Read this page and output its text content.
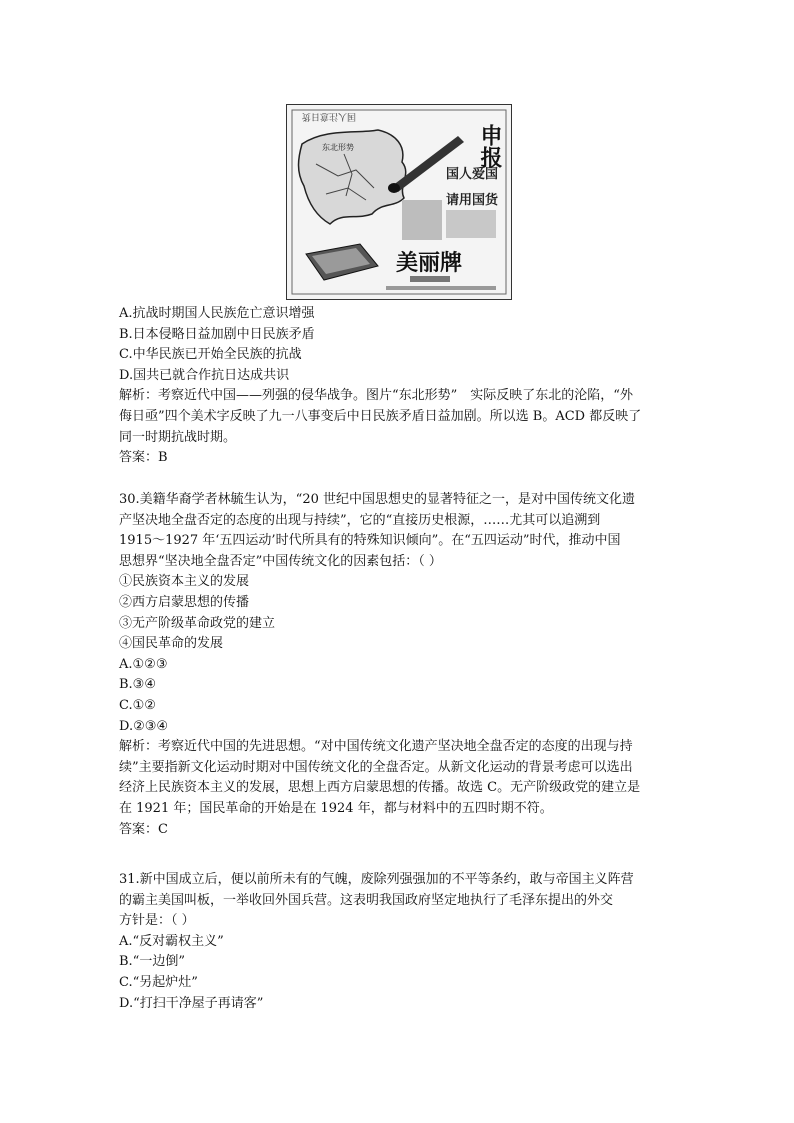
国人注意日货
东北形势	申报
国人爱国
请用国货
美丽牌
A.抗战时期国人民族危亡意识增强
B.日本侵略日益加剧中日民族矛盾
C.中华民族已开始全民族的抗战
D.国共已就合作抗日达成共识
解析：考察近代中国——列强的侵华战争。图片“东北形势”　实际反映了东北的沦陷，“外
侮日亟”四个美术字反映了九一八事变后中日民族矛盾日益加剧。所以选 B。ACD 都反映了
同一时期抗战时期。
答案：B
30.美籍华裔学者林毓生认为，“20 世纪中国思想史的显著特征之一，是对中国传统文化遗
产坚决地全盘否定的态度的出现与持续”，它的“直接历史根源，……尤其可以追溯到
1915～1927 年‘五四运动’时代所具有的特殊知识倾向”。在“五四运动”时代，推动中国
思想界“坚决地全盘否定”中国传统文化的因素包括：（ ）
①民族资本主义的发展
②西方启蒙思想的传播
③无产阶级革命政党的建立
④国民革命的发展
A.①②③
B.③④
C.①②
D.②③④
解析：考察近代中国的先进思想。“对中国传统文化遗产坚决地全盘否定的态度的出现与持
续”主要指新文化运动时期对中国传统文化的全盘否定。从新文化运动的背景考虑可以选出
经济上民族资本主义的发展，思想上西方启蒙思想的传播。故选 C。无产阶级政党的建立是
在 1921 年；国民革命的开始是在 1924 年，都与材料中的五四时期不符。
答案：C
31.新中国成立后，便以前所未有的气魄，废除列强强加的不平等条约，敢与帝国主义阵营
的霸主美国叫板，一举收回外国兵营。这表明我国政府坚定地执行了毛泽东提出的外交
方针是：（ ）
A.“反对霸权主义”
B.“一边倒”
C.“另起炉灶”
D.“打扫干净屋子再请客”
